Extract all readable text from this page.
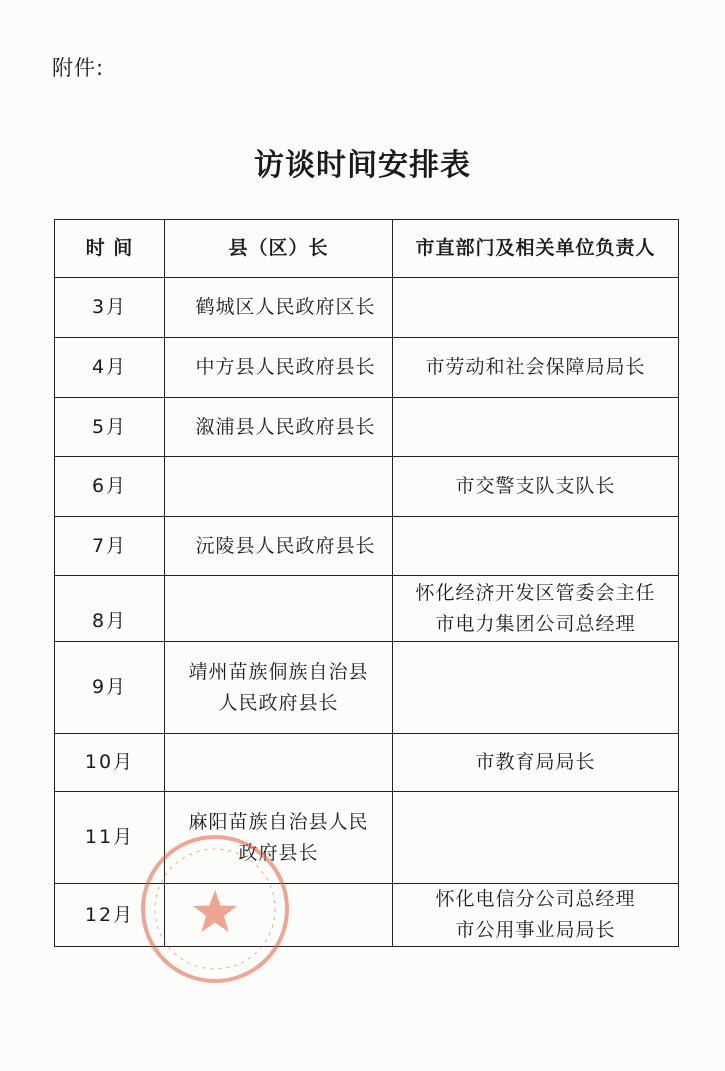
附件:
访谈时间安排表
时 间	县（区）长	市直部门及相关单位负责人
3月	鹤城区人民政府区长	

4月	中方县人民政府县长	市劳动和社会保障局局长

5月	溆浦县人民政府县长	

6月		市交警支队支队长

7月	沅陵县人民政府县长	

8月		怀化经济开发区管委会主任
市电力集团公司总经理

9月	靖州苗族侗族自治县
人民政府县长	

10月		市教育局局长

11月	麻阳苗族自治县人民
政府县长	

12月		怀化电信分公司总经理
市公用事业局局长
